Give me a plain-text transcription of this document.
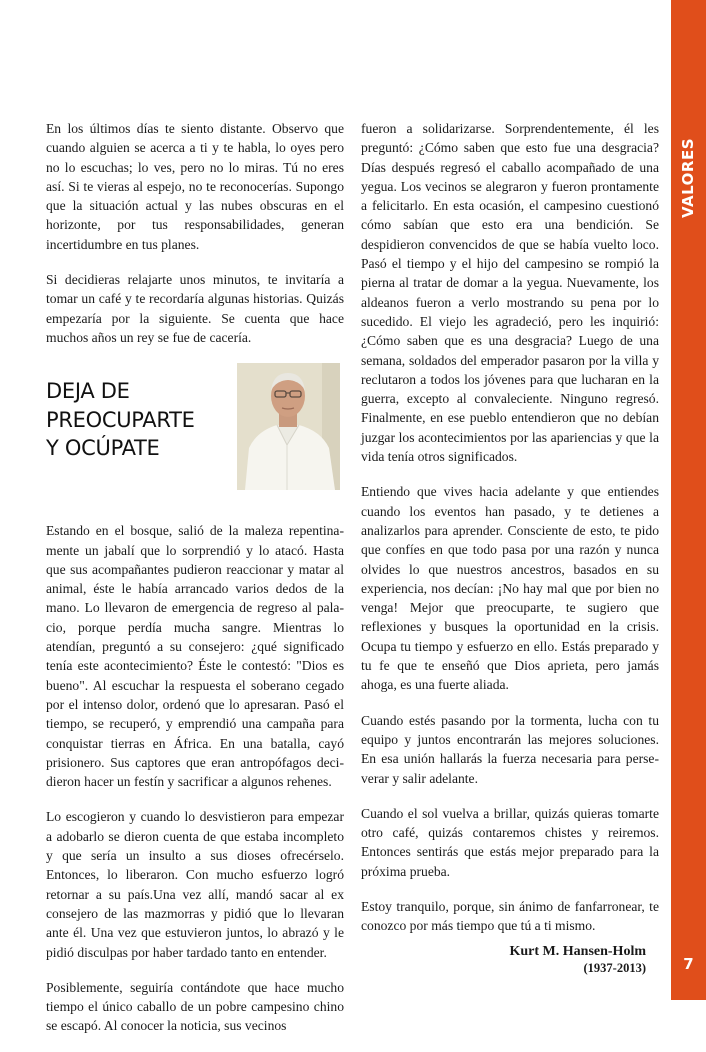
VALORES
7

En los últimos días te siento distante. Observo que cuando alguien se acerca a ti y te habla, lo oyes pero no lo escuchas; lo ves, pero no lo miras. Tú no eres así. Si te vieras al espejo, no te reconocerías. Supongo que la situación actual y las nubes obscuras en el horizonte, por tus responsabilidades, generan incertidumbre en tus planes.

Si decidieras relajarte unos minutos, te invitaría a tomar un café y te recordaría algunas historias. Quizás empezaría por la siguiente. Se cuenta que hace muchos años un rey se fue de cacería.

DEJA DE
PREOCUPARTE
Y OCÚPATE

Estando en el bosque, salió de la maleza repentinamente un jabalí que lo sorprendió y lo atacó. Hasta que sus acompañantes pudieron reaccionar y matar al animal, éste le había arrancado varios dedos de la mano. Lo llevaron de emergencia de regreso al palacio, porque perdía mucha sangre. Mientras lo atendían, preguntó a su consejero: ¿qué significado tenía este acontecimiento? Éste le contestó: "Dios es bueno". Al escuchar la respuesta el soberano cegado por el intenso dolor, ordenó que lo apresaran. Pasó el tiempo, se recuperó, y emprendió una campaña para conquistar tierras en África. En una batalla, cayó prisionero. Sus captores que eran antropófagos decidieron hacer un festín y sacrificar a algunos rehenes.

Lo escogieron y cuando lo desvistieron para empezar a adobarlo se dieron cuenta de que estaba incompleto y que sería un insulto a sus dioses ofrecérselo. Entonces, lo liberaron. Con mucho esfuerzo logró retornar a su país.Una vez allí, mandó sacar al ex consejero de las mazmorras y pidió que lo llevaran ante él. Una vez que estuvieron juntos, lo abrazó y le pidió disculpas por haber tardado tanto en entender.

Posiblemente, seguiría contándote que hace mucho tiempo el único caballo de un pobre campesino chino se escapó. Al conocer la noticia, sus vecinos

fueron a solidarizarse. Sorprendentemente, él les preguntó: ¿Cómo saben que esto fue una desgracia? Días después regresó el caballo acompañado de una yegua. Los vecinos se alegraron y fueron prontamente a felicitarlo. En esta ocasión, el campesino cuestionó cómo sabían que esto era una bendición. Se despidieron convencidos de que se había vuelto loco. Pasó el tiempo y el hijo del campesino se rompió la pierna al tratar de domar a la yegua. Nuevamente, los aldeanos fueron a verlo mostrando su pena por lo sucedido. El viejo les agradeció, pero les inquirió: ¿Cómo saben que es una desgracia? Luego de una semana, soldados del emperador pasaron por la villa y reclutaron a todos los jóvenes para que lucharan en la guerra, excepto al convaleciente. Ninguno regresó. Finalmente, en ese pueblo entendieron que no debían juzgar los acontecimientos por las apariencias y que la vida tenía otros significados.

Entiendo que vives hacia adelante y que entiendes cuando los eventos han pasado, y te detienes a analizarlos para aprender. Consciente de esto, te pido que confíes en que todo pasa por una razón y nunca olvides lo que nuestros ancestros, basados en su experiencia, nos decían: ¡No hay mal que por bien no venga! Mejor que preocuparte, te sugiero que reflexiones y busques la oportunidad en la crisis. Ocupa tu tiempo y esfuerzo en ello. Estás preparado y tu fe que te enseñó que Dios aprieta, pero jamás ahoga, es una fuerte aliada.

Cuando estés pasando por la tormenta, lucha con tu equipo y juntos encontrarán las mejores soluciones. En esa unión hallarás la fuerza necesaria para perseverar y salir adelante.

Cuando el sol vuelva a brillar, quizás quieras tomarte otro café, quizás contaremos chistes y reiremos. Entonces sentirás que estás mejor preparado para la próxima prueba.

Estoy tranquilo, porque, sin ánimo de fanfarronear, te conozco por más tiempo que tú a ti mismo.

Kurt M. Hansen-Holm
(1937-2013)
